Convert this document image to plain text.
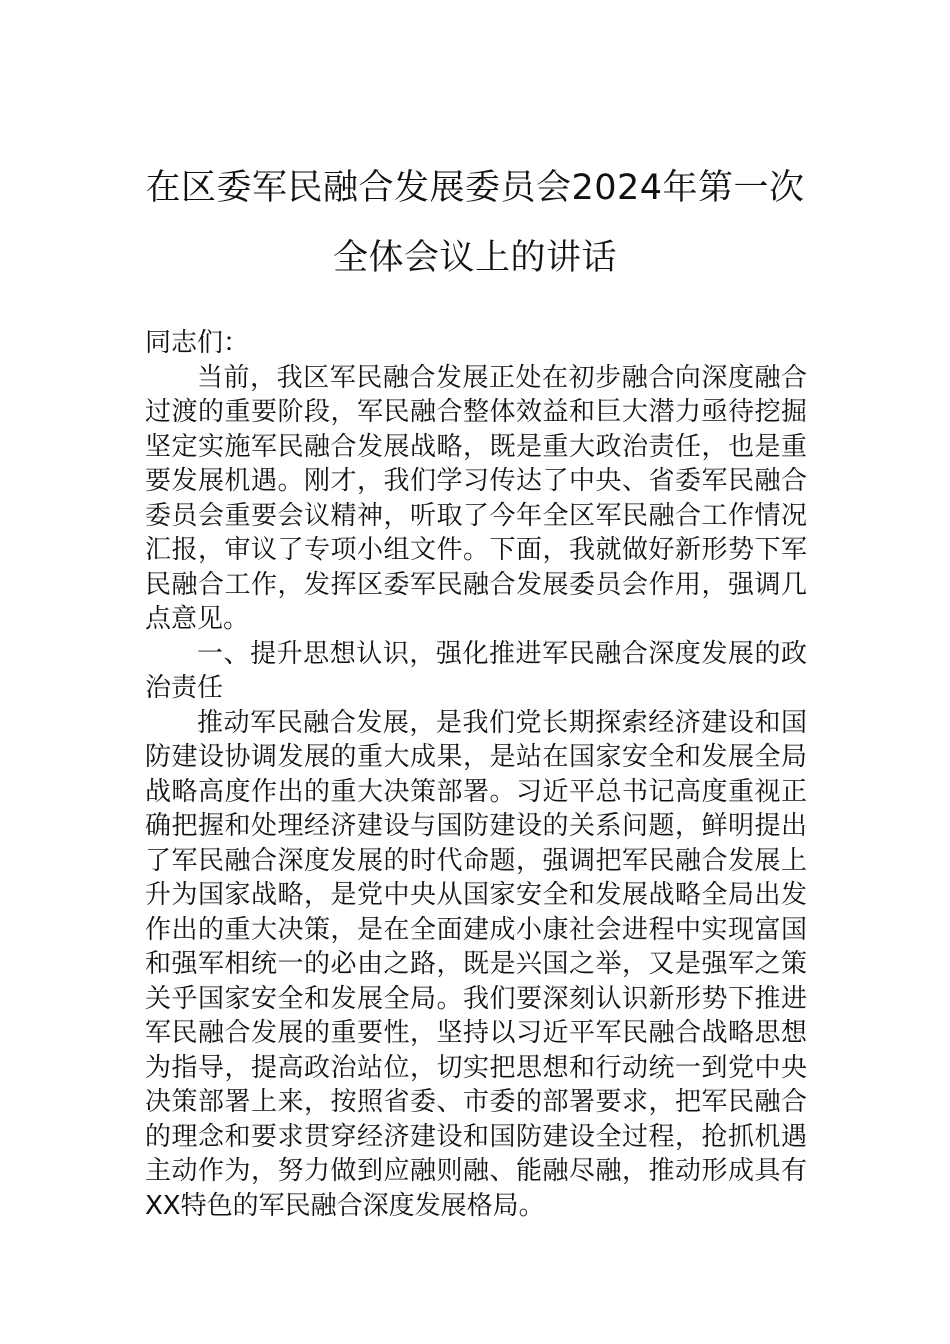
在区委军民融合发展委员会2024年第一次
全体会议上的讲话
同志们：
当前，我区军民融合发展正处在初步融合向深度融合
过渡的重要阶段，军民融合整体效益和巨大潜力亟待挖掘
坚定实施军民融合发展战略，既是重大政治责任，也是重
要发展机遇。刚才，我们学习传达了中央、省委军民融合
委员会重要会议精神，听取了今年全区军民融合工作情况
汇报，审议了专项小组文件。下面，我就做好新形势下军
民融合工作，发挥区委军民融合发展委员会作用，强调几
点意见。
一、提升思想认识，强化推进军民融合深度发展的政
治责任
推动军民融合发展，是我们党长期探索经济建设和国
防建设协调发展的重大成果，是站在国家安全和发展全局
战略高度作出的重大决策部署。习近平总书记高度重视正
确把握和处理经济建设与国防建设的关系问题，鲜明提出
了军民融合深度发展的时代命题，强调把军民融合发展上
升为国家战略，是党中央从国家安全和发展战略全局出发
作出的重大决策，是在全面建成小康社会进程中实现富国
和强军相统一的必由之路，既是兴国之举，又是强军之策
关乎国家安全和发展全局。我们要深刻认识新形势下推进
军民融合发展的重要性，坚持以习近平军民融合战略思想
为指导，提高政治站位，切实把思想和行动统一到党中央
决策部署上来，按照省委、市委的部署要求，把军民融合
的理念和要求贯穿经济建设和国防建设全过程，抢抓机遇
主动作为，努力做到应融则融、能融尽融，推动形成具有
XX特色的军民融合深度发展格局。
